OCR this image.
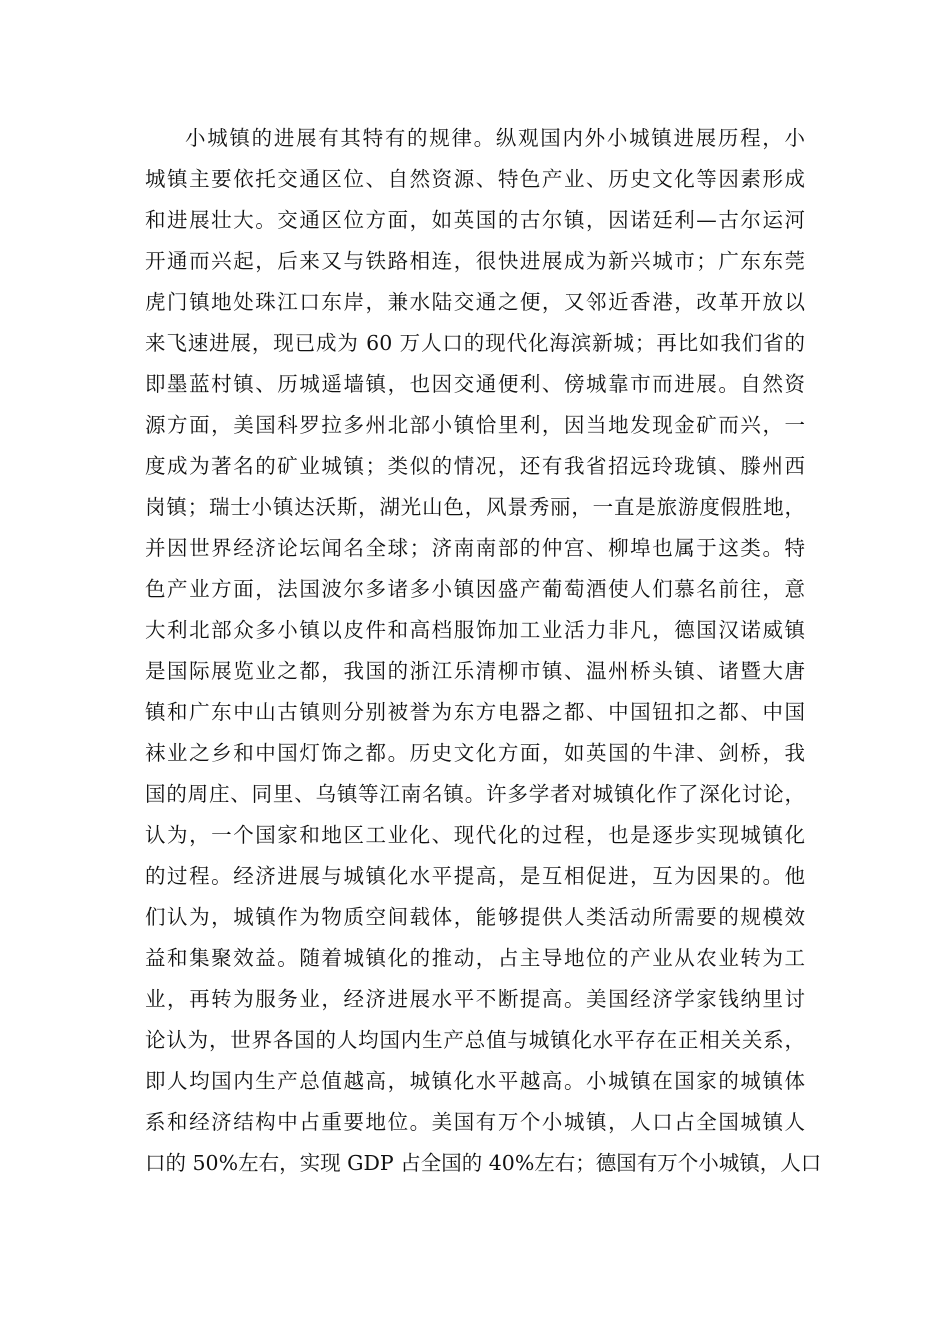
小城镇的进展有其特有的规律。纵观国内外小城镇进展历程，小
城镇主要依托交通区位、自然资源、特色产业、历史文化等因素形成
和进展壮大。交通区位方面，如英国的古尔镇，因诺廷利—古尔运河
开通而兴起，后来又与铁路相连，很快进展成为新兴城市；广东东莞
虎门镇地处珠江口东岸，兼水陆交通之便，又邻近香港，改革开放以
来飞速进展，现已成为 60 万人口的现代化海滨新城；再比如我们省的
即墨蓝村镇、历城遥墙镇，也因交通便利、傍城靠市而进展。自然资
源方面，美国科罗拉多州北部小镇恰里利，因当地发现金矿而兴，一
度成为著名的矿业城镇；类似的情况，还有我省招远玲珑镇、滕州西
岗镇；瑞士小镇达沃斯，湖光山色，风景秀丽，一直是旅游度假胜地，
并因世界经济论坛闻名全球；济南南部的仲宫、柳埠也属于这类。特
色产业方面，法国波尔多诸多小镇因盛产葡萄酒使人们慕名前往，意
大利北部众多小镇以皮件和高档服饰加工业活力非凡，德国汉诺威镇
是国际展览业之都，我国的浙江乐清柳市镇、温州桥头镇、诸暨大唐
镇和广东中山古镇则分别被誉为东方电器之都、中国钮扣之都、中国
袜业之乡和中国灯饰之都。历史文化方面，如英国的牛津、剑桥，我
国的周庄、同里、乌镇等江南名镇。许多学者对城镇化作了深化讨论，
认为，一个国家和地区工业化、现代化的过程，也是逐步实现城镇化
的过程。经济进展与城镇化水平提高，是互相促进，互为因果的。他
们认为，城镇作为物质空间载体，能够提供人类活动所需要的规模效
益和集聚效益。随着城镇化的推动，占主导地位的产业从农业转为工
业，再转为服务业，经济进展水平不断提高。美国经济学家钱纳里讨
论认为，世界各国的人均国内生产总值与城镇化水平存在正相关关系，
即人均国内生产总值越高，城镇化水平越高。小城镇在国家的城镇体
系和经济结构中占重要地位。美国有万个小城镇，人口占全国城镇人
口的 50%左右，实现 GDP 占全国的 40%左右；德国有万个小城镇，人口
